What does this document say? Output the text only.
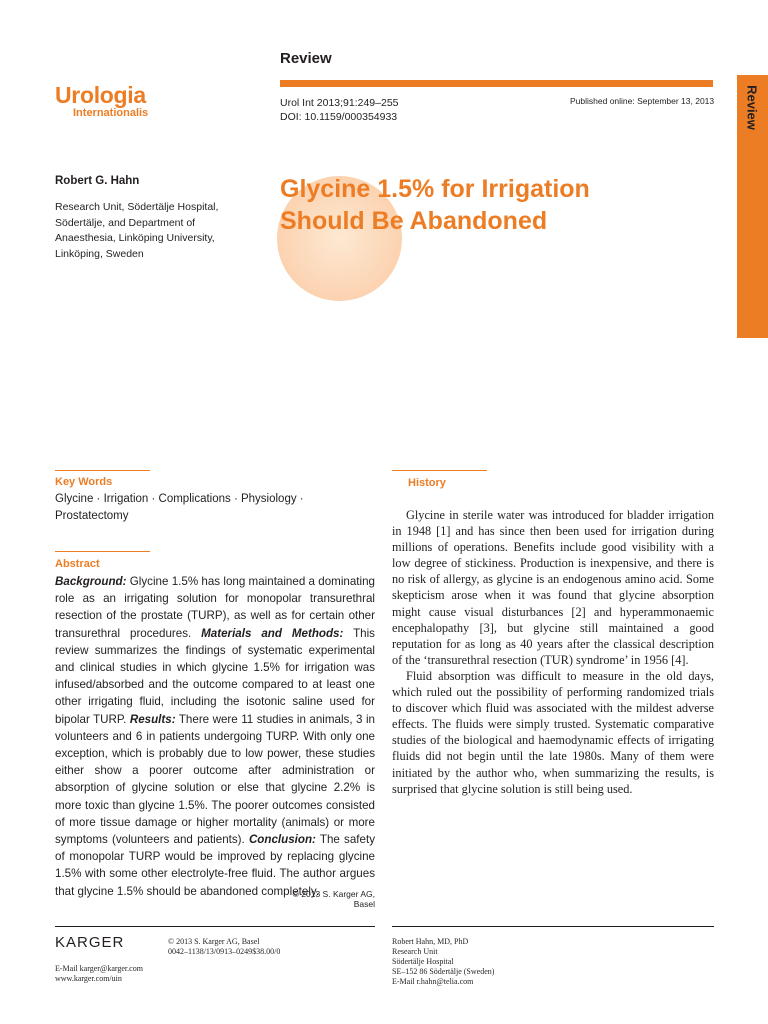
Review
Review
Urologia
Internationalis
Urol Int 2013;91:249–255
DOI: 10.1159/000354933
Published online: September 13, 2013
Robert G. Hahn
Research Unit, Södertälje Hospital, Södertälje, and Department of Anaesthesia, Linköping University, Linköping, Sweden
Glycine 1.5% for Irrigation
Should Be Abandoned
Key Words
Glycine · Irrigation · Complications · Physiology · Prostatectomy
Abstract
Background: Glycine 1.5% has long maintained a dominating role as an irrigating solution for monopolar transurethral resection of the prostate (TURP), as well as for certain other transurethral procedures. Materials and Methods: This review summarizes the findings of systematic experimental and clinical studies in which glycine 1.5% for irrigation was infused/absorbed and the outcome compared to at least one other irrigating fluid, including the isotonic saline used for bipolar TURP. Results: There were 11 studies in animals, 3 in volunteers and 6 in patients undergoing TURP. With only one exception, which is probably due to low power, these studies either show a poorer outcome after administration or absorption of glycine solution or else that glycine 2.2% is more toxic than glycine 1.5%. The poorer outcomes consisted of more tissue damage or higher mortality (animals) or more symptoms (volunteers and patients). Conclusion: The safety of monopolar TURP would be improved by replacing glycine 1.5% with some other electrolyte-free fluid. The author argues that glycine 1.5% should be abandoned completely.
© 2013 S. Karger AG, Basel
History

Glycine in sterile water was introduced for bladder irrigation in 1948 [1] and has since then been used for irrigation during millions of operations. Benefits include good visibility with a low degree of stickiness. Production is inexpensive, and there is no risk of allergy, as glycine is an endogenous amino acid. Some skepticism arose when it was found that glycine absorption might cause visual disturbances [2] and hyperammonaemic encephalopathy [3], but glycine still maintained a good reputation for as long as 40 years after the classical description of the ‘transurethral resection (TUR) syndrome’ in 1956 [4].

Fluid absorption was difficult to measure in the old days, which ruled out the possibility of performing randomized trials to discover which fluid was associated with the mildest adverse effects. The fluids were simply trusted. Systematic comparative studies of the biological and haemodynamic effects of irrigating fluids did not begin until the late 1980s. Many of them were initiated by the author who, when summarizing the results, is surprised that glycine solution is still being used.

KARGER
E-Mail karger@karger.com
www.karger.com/uin
© 2013 S. Karger AG, Basel
0042–1138/13/0913–0249$38.00/0
Robert Hahn, MD, PhD
Research Unit
Södertälje Hospital
SE–152 86 Södertälje (Sweden)
E-Mail r.hahn@telia.com
